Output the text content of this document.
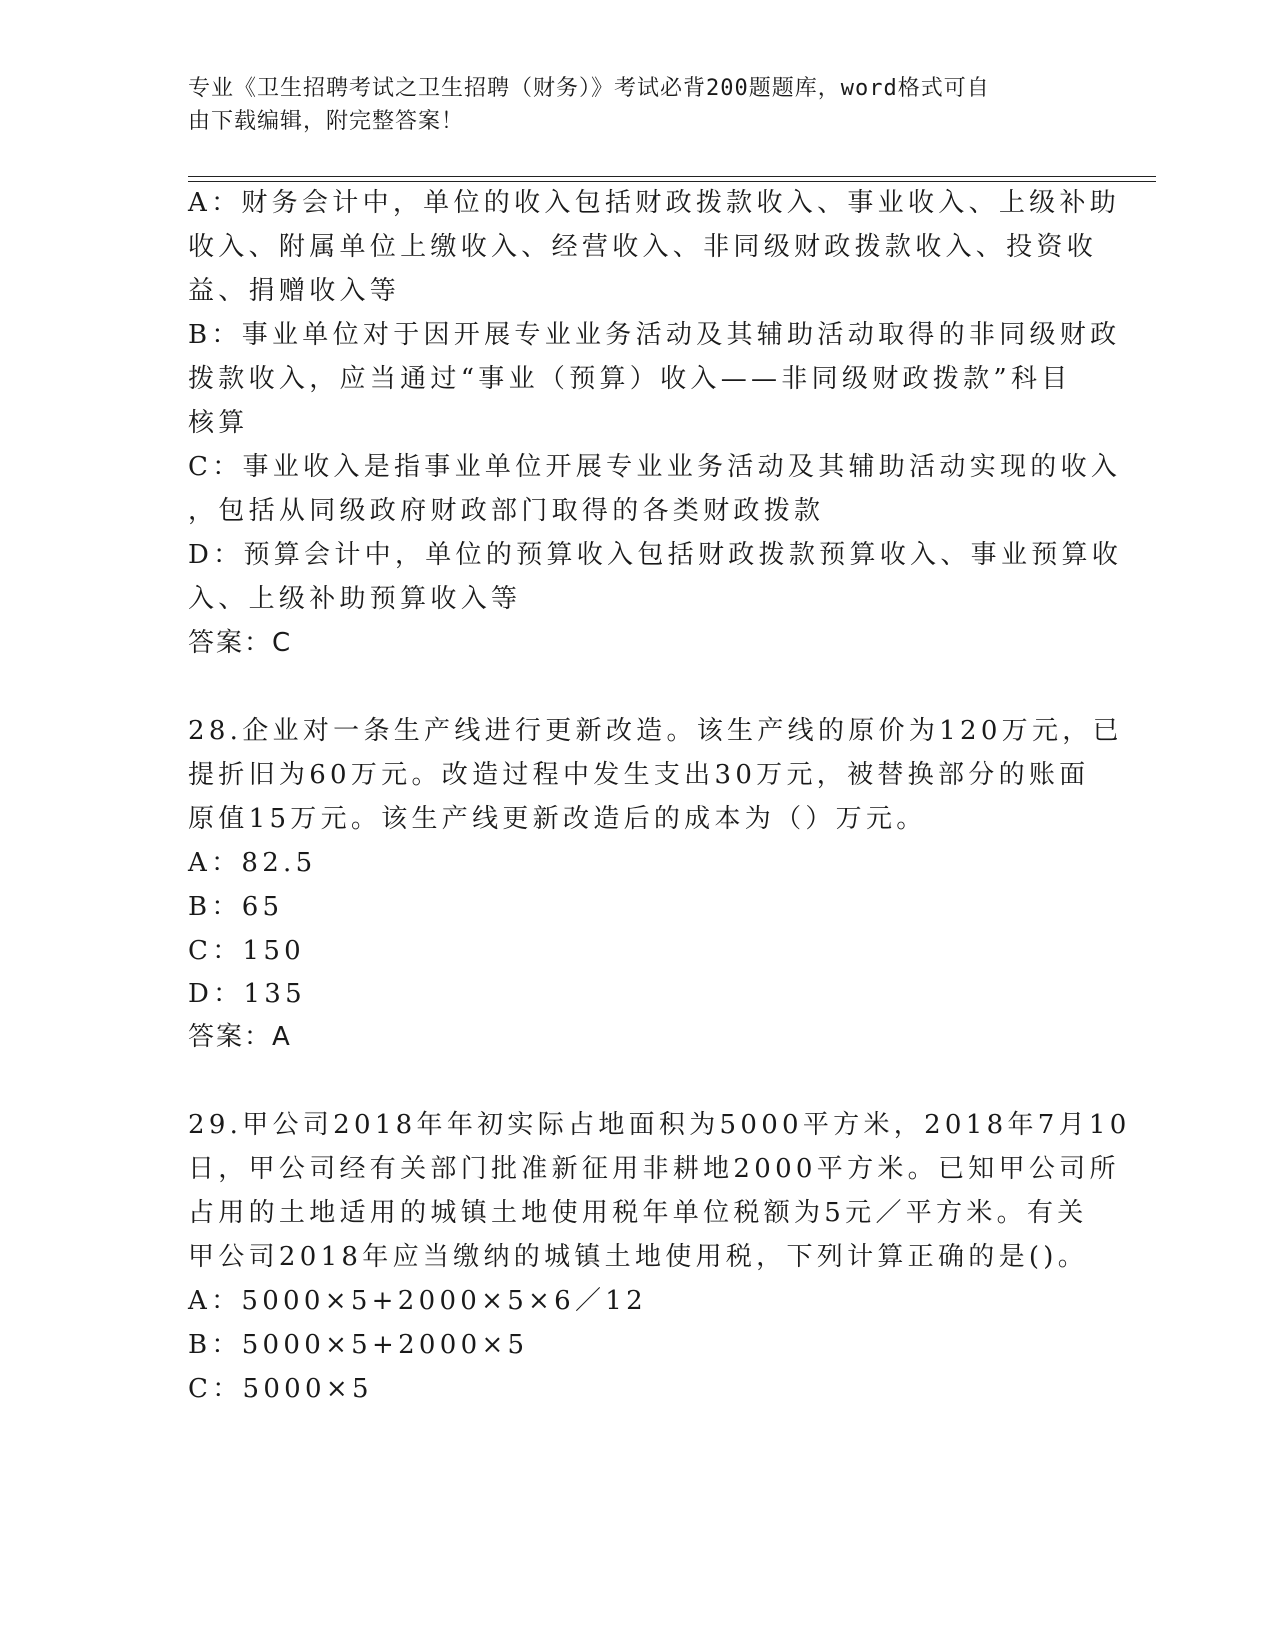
专业《卫生招聘考试之卫生招聘（财务）》考试必背200题题库，word格式可自
由下载编辑，附完整答案！
A：财务会计中，单位的收入包括财政拨款收入、事业收入、上级补助
收入、附属单位上缴收入、经营收入、非同级财政拨款收入、投资收
益、捐赠收入等
B：事业单位对于因开展专业业务活动及其辅助活动取得的非同级财政
拨款收入，应当通过“事业（预算）收入——非同级财政拨款”科目
核算
C：事业收入是指事业单位开展专业业务活动及其辅助活动实现的收入
，包括从同级政府财政部门取得的各类财政拨款
D：预算会计中，单位的预算收入包括财政拨款预算收入、事业预算收
入、上级补助预算收入等
答案：C
28.企业对一条生产线进行更新改造。该生产线的原价为120万元，已
提折旧为60万元。改造过程中发生支出30万元，被替换部分的账面
原值15万元。该生产线更新改造后的成本为（）万元。
A：82.5
B：65
C：150
D：135
答案：A
29.甲公司2018年年初实际占地面积为5000平方米，2018年7月10
日，甲公司经有关部门批准新征用非耕地2000平方米。已知甲公司所
占用的土地适用的城镇土地使用税年单位税额为5元／平方米。有关
甲公司2018年应当缴纳的城镇土地使用税，下列计算正确的是()。
A：5000×5+2000×5×6／12
B：5000×5+2000×5
C：5000×5
